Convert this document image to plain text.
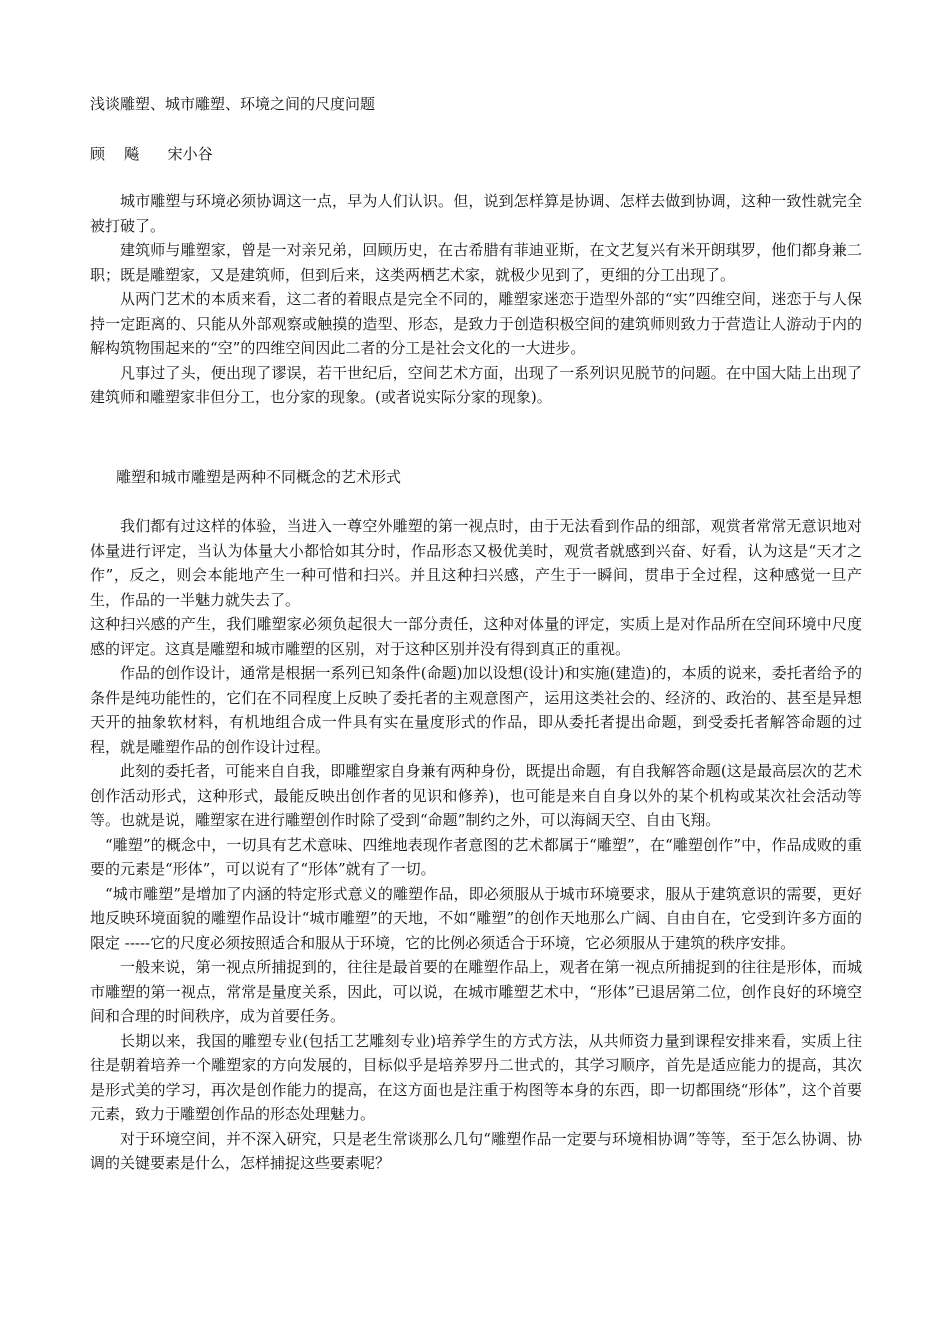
浅谈雕塑、城市雕塑、环境之间的尺度问题
顾    飚      宋小谷

城市雕塑与环境必须协调这一点，早为人们认识。但，说到怎样算是协调、怎样去做到协调，这种一致性就完全被打破了。

建筑师与雕塑家，曾是一对亲兄弟，回顾历史，在古希腊有菲迪亚斯，在文艺复兴有米开朗琪罗，他们都身兼二职；既是雕塑家，又是建筑师，但到后来，这类两栖艺术家，就极少见到了，更细的分工出现了。

从两门艺术的本质来看，这二者的着眼点是完全不同的，雕塑家迷恋于造型外部的“实”四维空间，迷恋于与人保持一定距离的、只能从外部观察或触摸的造型、形态，是致力于创造积极空间的建筑师则致力于营造让人游动于内的解构筑物围起来的“空”的四维空间因此二者的分工是社会文化的一大进步。

凡事过了头，便出现了谬误，若干世纪后，空间艺术方面，出现了一系列识见脱节的问题。在中国大陆上出现了建筑师和雕塑家非但分工，也分家的现象。(或者说实际分家的现象)。

雕塑和城市雕塑是两种不同概念的艺术形式

我们都有过这样的体验，当进入一尊空外雕塑的第一视点时，由于无法看到作品的细部，观赏者常常无意识地对体量进行评定，当认为体量大小都恰如其分时，作品形态又极优美时，观赏者就感到兴奋、好看，认为这是“天才之作”，反之，则会本能地产生一种可惜和扫兴。并且这种扫兴感，产生于一瞬间，贯串于全过程，这种感觉一旦产生，作品的一半魅力就失去了。

这种扫兴感的产生，我们雕塑家必须负起很大一部分责任，这种对体量的评定，实质上是对作品所在空间环境中尺度感的评定。这真是雕塑和城市雕塑的区别，对于这种区别并没有得到真正的重视。

作品的创作设计，通常是根据一系列已知条件(命题)加以设想(设计)和实施(建造)的，本质的说来，委托者给予的条件是纯功能性的，它们在不同程度上反映了委托者的主观意图产，运用这类社会的、经济的、政治的、甚至是异想天开的抽象软材料，有机地组合成一件具有实在量度形式的作品，即从委托者提出命题，到受委托者解答命题的过程，就是雕塑作品的创作设计过程。

此刻的委托者，可能来自自我，即雕塑家自身兼有两种身份，既提出命题，有自我解答命题(这是最高层次的艺术创作活动形式，这种形式，最能反映出创作者的见识和修养)，也可能是来自自身以外的某个机构或某次社会活动等等。也就是说，雕塑家在进行雕塑创作时除了受到“命题”制约之外，可以海阔天空、自由飞翔。

“雕塑”的概念中，一切具有艺术意味、四维地表现作者意图的艺术都属于“雕塑”，在“雕塑创作”中，作品成败的重要的元素是“形体”，可以说有了“形体”就有了一切。

“城市雕塑”是增加了内涵的特定形式意义的雕塑作品，即必须服从于城市环境要求，服从于建筑意识的需要，更好地反映环境面貌的雕塑作品设计“城市雕塑”的天地，不如“雕塑”的创作天地那么广阔、自由自在，它受到许多方面的限定 -----它的尺度必须按照适合和服从于环境，它的比例必须适合于环境，它必须服从于建筑的秩序安排。

一般来说，第一视点所捕捉到的，往往是最首要的在雕塑作品上，观者在第一视点所捕捉到的往往是形体，而城市雕塑的第一视点，常常是量度关系，因此，可以说，在城市雕塑艺术中，“形体”已退居第二位，创作良好的环境空间和合理的时间秩序，成为首要任务。

长期以来，我国的雕塑专业(包括工艺雕刻专业)培养学生的方式方法，从共师资力量到课程安排来看，实质上往往是朝着培养一个雕塑家的方向发展的，目标似乎是培养罗丹二世式的，其学习顺序，首先是适应能力的提高，其次是形式美的学习，再次是创作能力的提高，在这方面也是注重于构图等本身的东西，即一切都围绕“形体”，这个首要元素，致力于雕塑创作品的形态处理魅力。

对于环境空间，并不深入研究，只是老生常谈那么几句“雕塑作品一定要与环境相协调”等等，至于怎么协调、协调的关键要素是什么，怎样捕捉这些要素呢？
